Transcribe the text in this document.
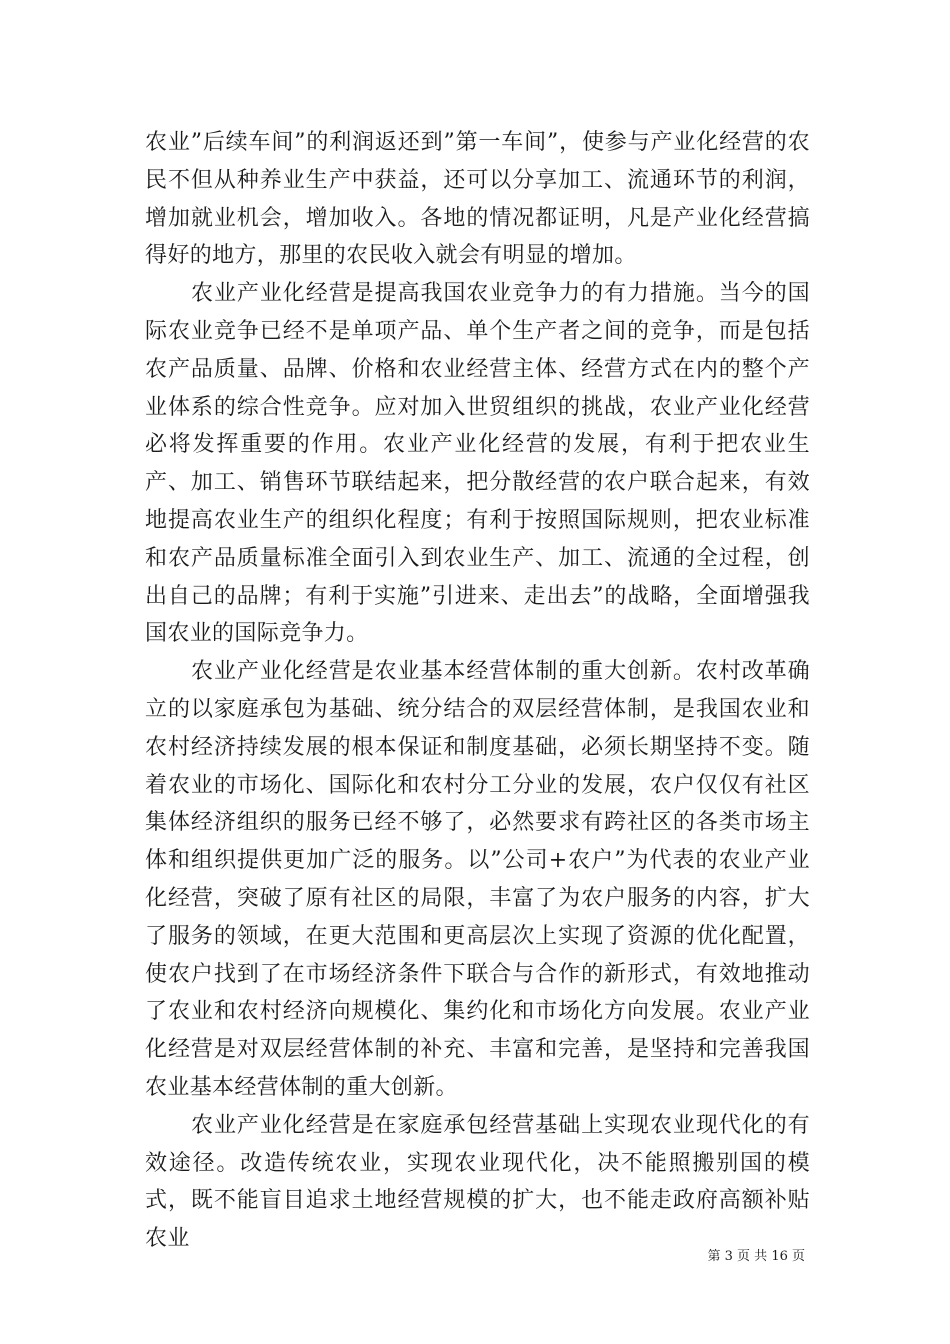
农业”后续车间”的利润返还到”第一车间”，使参与产业化经营的农民不但从种养业生产中获益，还可以分享加工、流通环节的利润，增加就业机会，增加收入。各地的情况都证明，凡是产业化经营搞得好的地方，那里的农民收入就会有明显的增加。

农业产业化经营是提高我国农业竞争力的有力措施。当今的国际农业竞争已经不是单项产品、单个生产者之间的竞争，而是包括农产品质量、品牌、价格和农业经营主体、经营方式在内的整个产业体系的综合性竞争。应对加入世贸组织的挑战，农业产业化经营必将发挥重要的作用。农业产业化经营的发展，有利于把农业生产、加工、销售环节联结起来，把分散经营的农户联合起来，有效地提高农业生产的组织化程度；有利于按照国际规则，把农业标准和农产品质量标准全面引入到农业生产、加工、流通的全过程，创出自己的品牌；有利于实施”引进来、走出去”的战略，全面增强我国农业的国际竞争力。

农业产业化经营是农业基本经营体制的重大创新。农村改革确立的以家庭承包为基础、统分结合的双层经营体制，是我国农业和农村经济持续发展的根本保证和制度基础，必须长期坚持不变。随着农业的市场化、国际化和农村分工分业的发展，农户仅仅有社区集体经济组织的服务已经不够了，必然要求有跨社区的各类市场主体和组织提供更加广泛的服务。以”公司+农户”为代表的农业产业化经营，突破了原有社区的局限，丰富了为农户服务的内容，扩大了服务的领域，在更大范围和更高层次上实现了资源的优化配置，使农户找到了在市场经济条件下联合与合作的新形式，有效地推动了农业和农村经济向规模化、集约化和市场化方向发展。农业产业化经营是对双层经营体制的补充、丰富和完善，是坚持和完善我国农业基本经营体制的重大创新。

农业产业化经营是在家庭承包经营基础上实现农业现代化的有效途径。改造传统农业，实现农业现代化，决不能照搬别国的模式，既不能盲目追求土地经营规模的扩大，也不能走政府高额补贴农业

第 3 页 共 16 页
